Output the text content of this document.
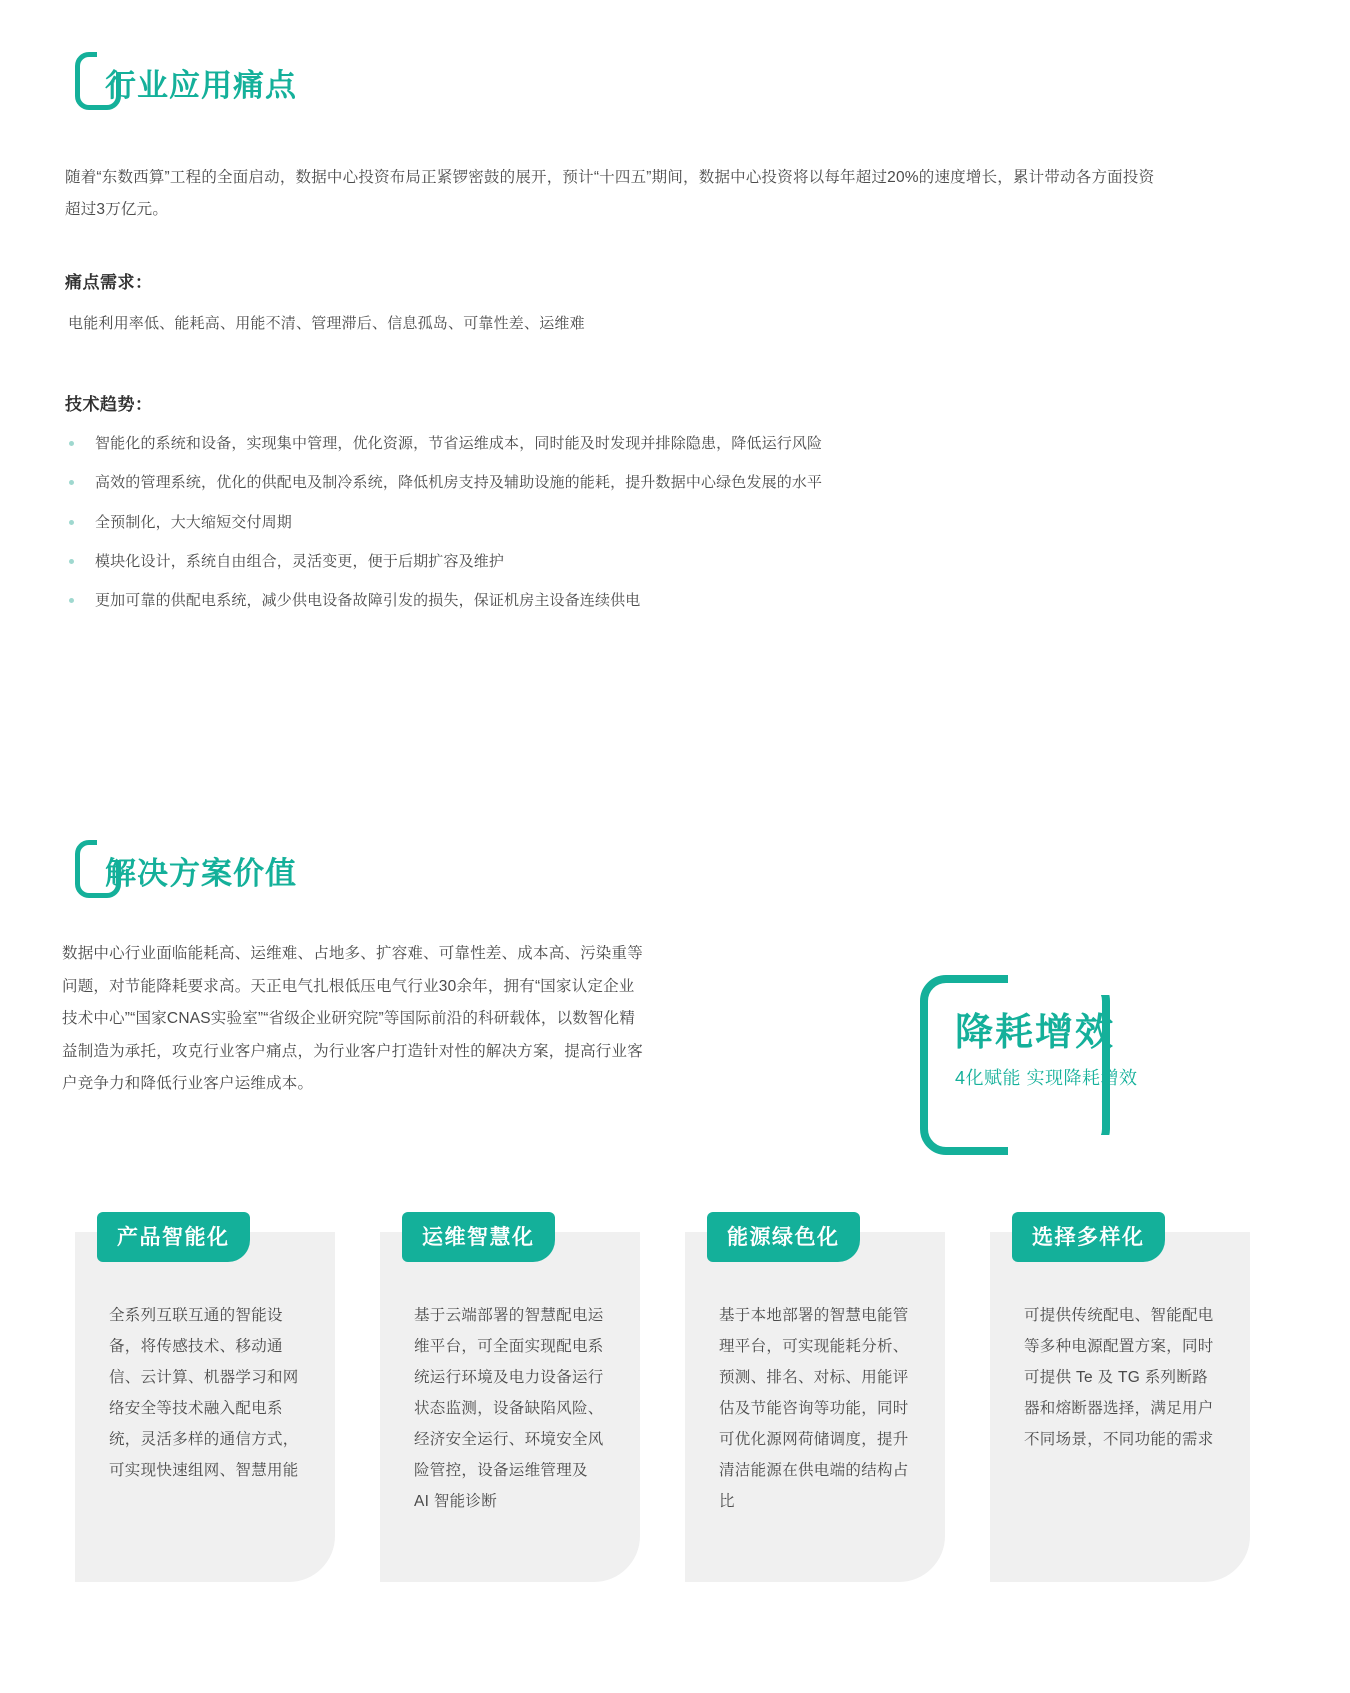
行业应用痛点
随着“东数西算”工程的全面启动，数据中心投资布局正紧锣密鼓的展开，预计“十四五”期间，数据中心投资将以每年超过20%的速度增长，累计带动各方面投资超过3万亿元。
痛点需求：
电能利用率低、能耗高、用能不清、管理滞后、信息孤岛、可靠性差、运维难
技术趋势：
智能化的系统和设备，实现集中管理，优化资源，节省运维成本，同时能及时发现并排除隐患，降低运行风险
高效的管理系统，优化的供配电及制冷系统，降低机房支持及辅助设施的能耗，提升数据中心绿色发展的水平
全预制化，大大缩短交付周期
模块化设计，系统自由组合，灵活变更，便于后期扩容及维护
更加可靠的供配电系统，减少供电设备故障引发的损失，保证机房主设备连续供电
解决方案价值
数据中心行业面临能耗高、运维难、占地多、扩容难、可靠性差、成本高、污染重等问题，对节能降耗要求高。天正电气扎根低压电气行业30余年，拥有“国家认定企业技术中心”“国家CNAS实验室”“省级企业研究院”等国际前沿的科研载体，以数智化精益制造为承托，攻克行业客户痛点，为行业客户打造针对性的解决方案，提高行业客户竞争力和降低行业客户运维成本。
降耗增效
4化赋能 实现降耗增效
产品智能化
全系列互联互通的智能设备，将传感技术、移动通信、云计算、机器学习和网络安全等技术融入配电系统，灵活多样的通信方式，可实现快速组网、智慧用能
运维智慧化
基于云端部署的智慧配电运维平台，可全面实现配电系统运行环境及电力设备运行状态监测，设备缺陷风险、经济安全运行、环境安全风险管控，设备运维管理及 AI 智能诊断
能源绿色化
基于本地部署的智慧电能管理平台，可实现能耗分析、预测、排名、对标、用能评估及节能咨询等功能，同时可优化源网荷储调度，提升清洁能源在供电端的结构占比
选择多样化
可提供传统配电、智能配电等多种电源配置方案，同时可提供 Te 及 TG 系列断路器和熔断器选择，满足用户不同场景，不同功能的需求
